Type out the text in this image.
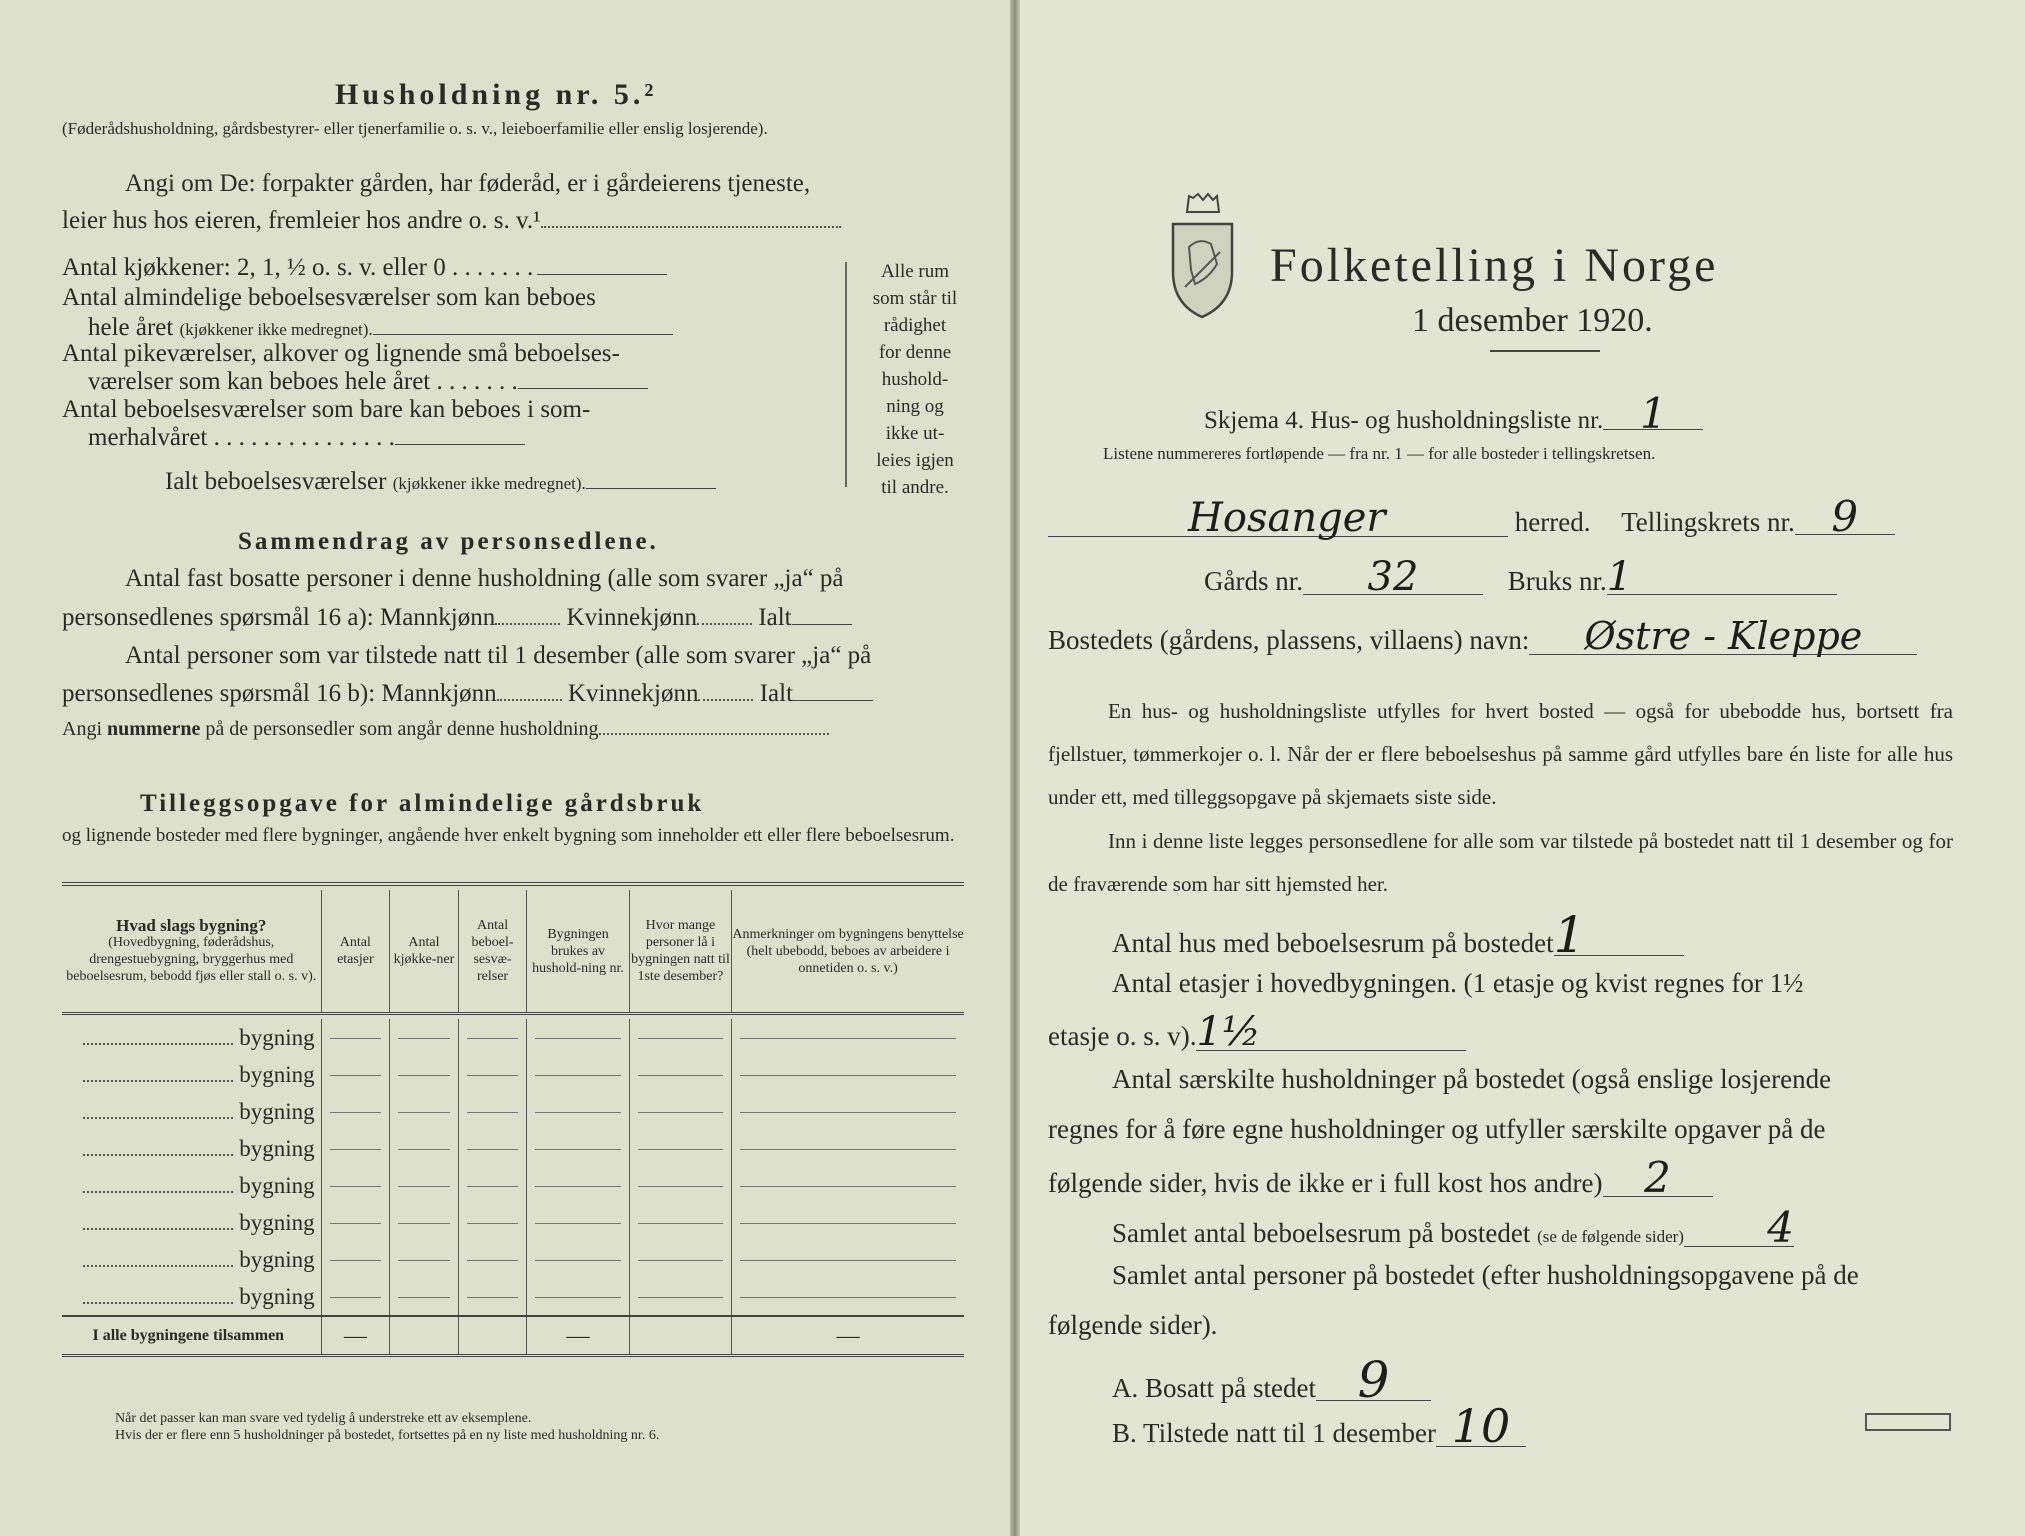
Husholdning nr. 5.²
(Føderådshusholdning, gårdsbestyrer- eller tjenerfamilie o. s. v., leieboerfamilie eller enslig losjerende).
Angi om De: forpakter gården, har føderåd, er i gårdeierens tjeneste,
leier hus hos eieren, fremleier hos andre o. s. v.¹
Antal kjøkkener: 2, 1, ½ o. s. v. eller 0 . . . . . . .
Antal almindelige beboelsesværelser som kan beboes
hele året (kjøkkener ikke medregnet).
Antal pikeværelser, alkover og lignende små beboelses-
værelser som kan beboes hele året . . . . . . .
Antal beboelsesværelser som bare kan beboes i som-
merhalvåret . . . . . . . . . . . . . . .
Ialt beboelsesværelser (kjøkkener ikke medregnet).
Alle rum
som står til
rådighet
for denne
hushold-
ning og
ikke ut-
leies igjen
til andre.
Sammendrag av personsedlene.
Antal fast bosatte personer i denne husholdning (alle som svarer „ja“ på
personsedlenes spørsmål 16 a): Mannkjønn	Kvinnekjønn Ialt
Antal personer som var tilstede natt til 1 desember (alle som svarer „ja“ på
personsedlenes spørsmål 16 b): Mannkjønn	Kvinnekjønn Ialt
Angi nummerne på de personsedler som angår denne husholdning
Tilleggsopgave for almindelige gårdsbruk
og lignende bosteder med flere bygninger, angående hver enkelt bygning som inneholder ett eller flere beboelsesrum.
Hvad slags bygning?
(Hovedbygning, føderådshus, drengestuebygning, bryggerhus med beboelsesrum, bebodd fjøs eller stall o. s. v).	Antal etasjer	Antal kjøkke-ner	Antal beboel-sesvæ-relser	Bygningen brukes av hushold-ning nr.	Hvor mange personer lå i bygningen natt til 1ste desember?	Anmerkninger om bygningens benyttelse (helt ubebodd, beboes av arbeidere i onnetiden o. s. v.)

bygning	

bygning	

bygning	

bygning	

bygning	

bygning	

bygning	

bygning	

I alle bygningene tilsammen	—			—		—
Når det passer kan man svare ved tydelig å understreke ett av eksemplene.
Hvis der er flere enn 5 husholdninger på bostedet, fortsettes på en ny liste med husholdning nr. 6.
Folketelling i Norge
1 desember 1920.
Skjema 4. Hus- og husholdningsliste nr. 1
Listene nummereres fortløpende — fra nr. 1 — for alle bosteder i tellingskretsen.
Hosanger	herred. Tellingskrets nr. 9
Gårds nr. 32	Bruks nr.1
Bostedets (gårdens, plassens, villaens) navn: Østre - Kleppe
En hus- og husholdningsliste utfylles for hvert bosted — også for ubebodde hus, bortsett fra fjellstuer, tømmerkojer o. l. Når der er flere beboelseshus på samme gård utfylles bare én liste for alle hus under ett, med tilleggsopgave på skjemaets siste side.
Inn i denne liste legges personsedlene for alle som var tilstede på bostedet natt til 1 desember og for de fraværende som har sitt hjemsted her.
Antal hus med beboelsesrum på bostedet1
Antal etasjer i hovedbygningen. (1 etasje og kvist regnes for 1½
etasje o. s. v).1½
Antal særskilte husholdninger på bostedet (også enslige losjerende
regnes for å føre egne husholdninger og utfyller særskilte opgaver på de
følgende sider, hvis de ikke er i full kost hos andre) 2
Samlet antal beboelsesrum på bostedet (se de følgende sider) 4
Samlet antal personer på bostedet (efter husholdningsopgavene på de
følgende sider).
A. Bosatt på stedet 9
B. Tilstede natt til 1 desember 10
